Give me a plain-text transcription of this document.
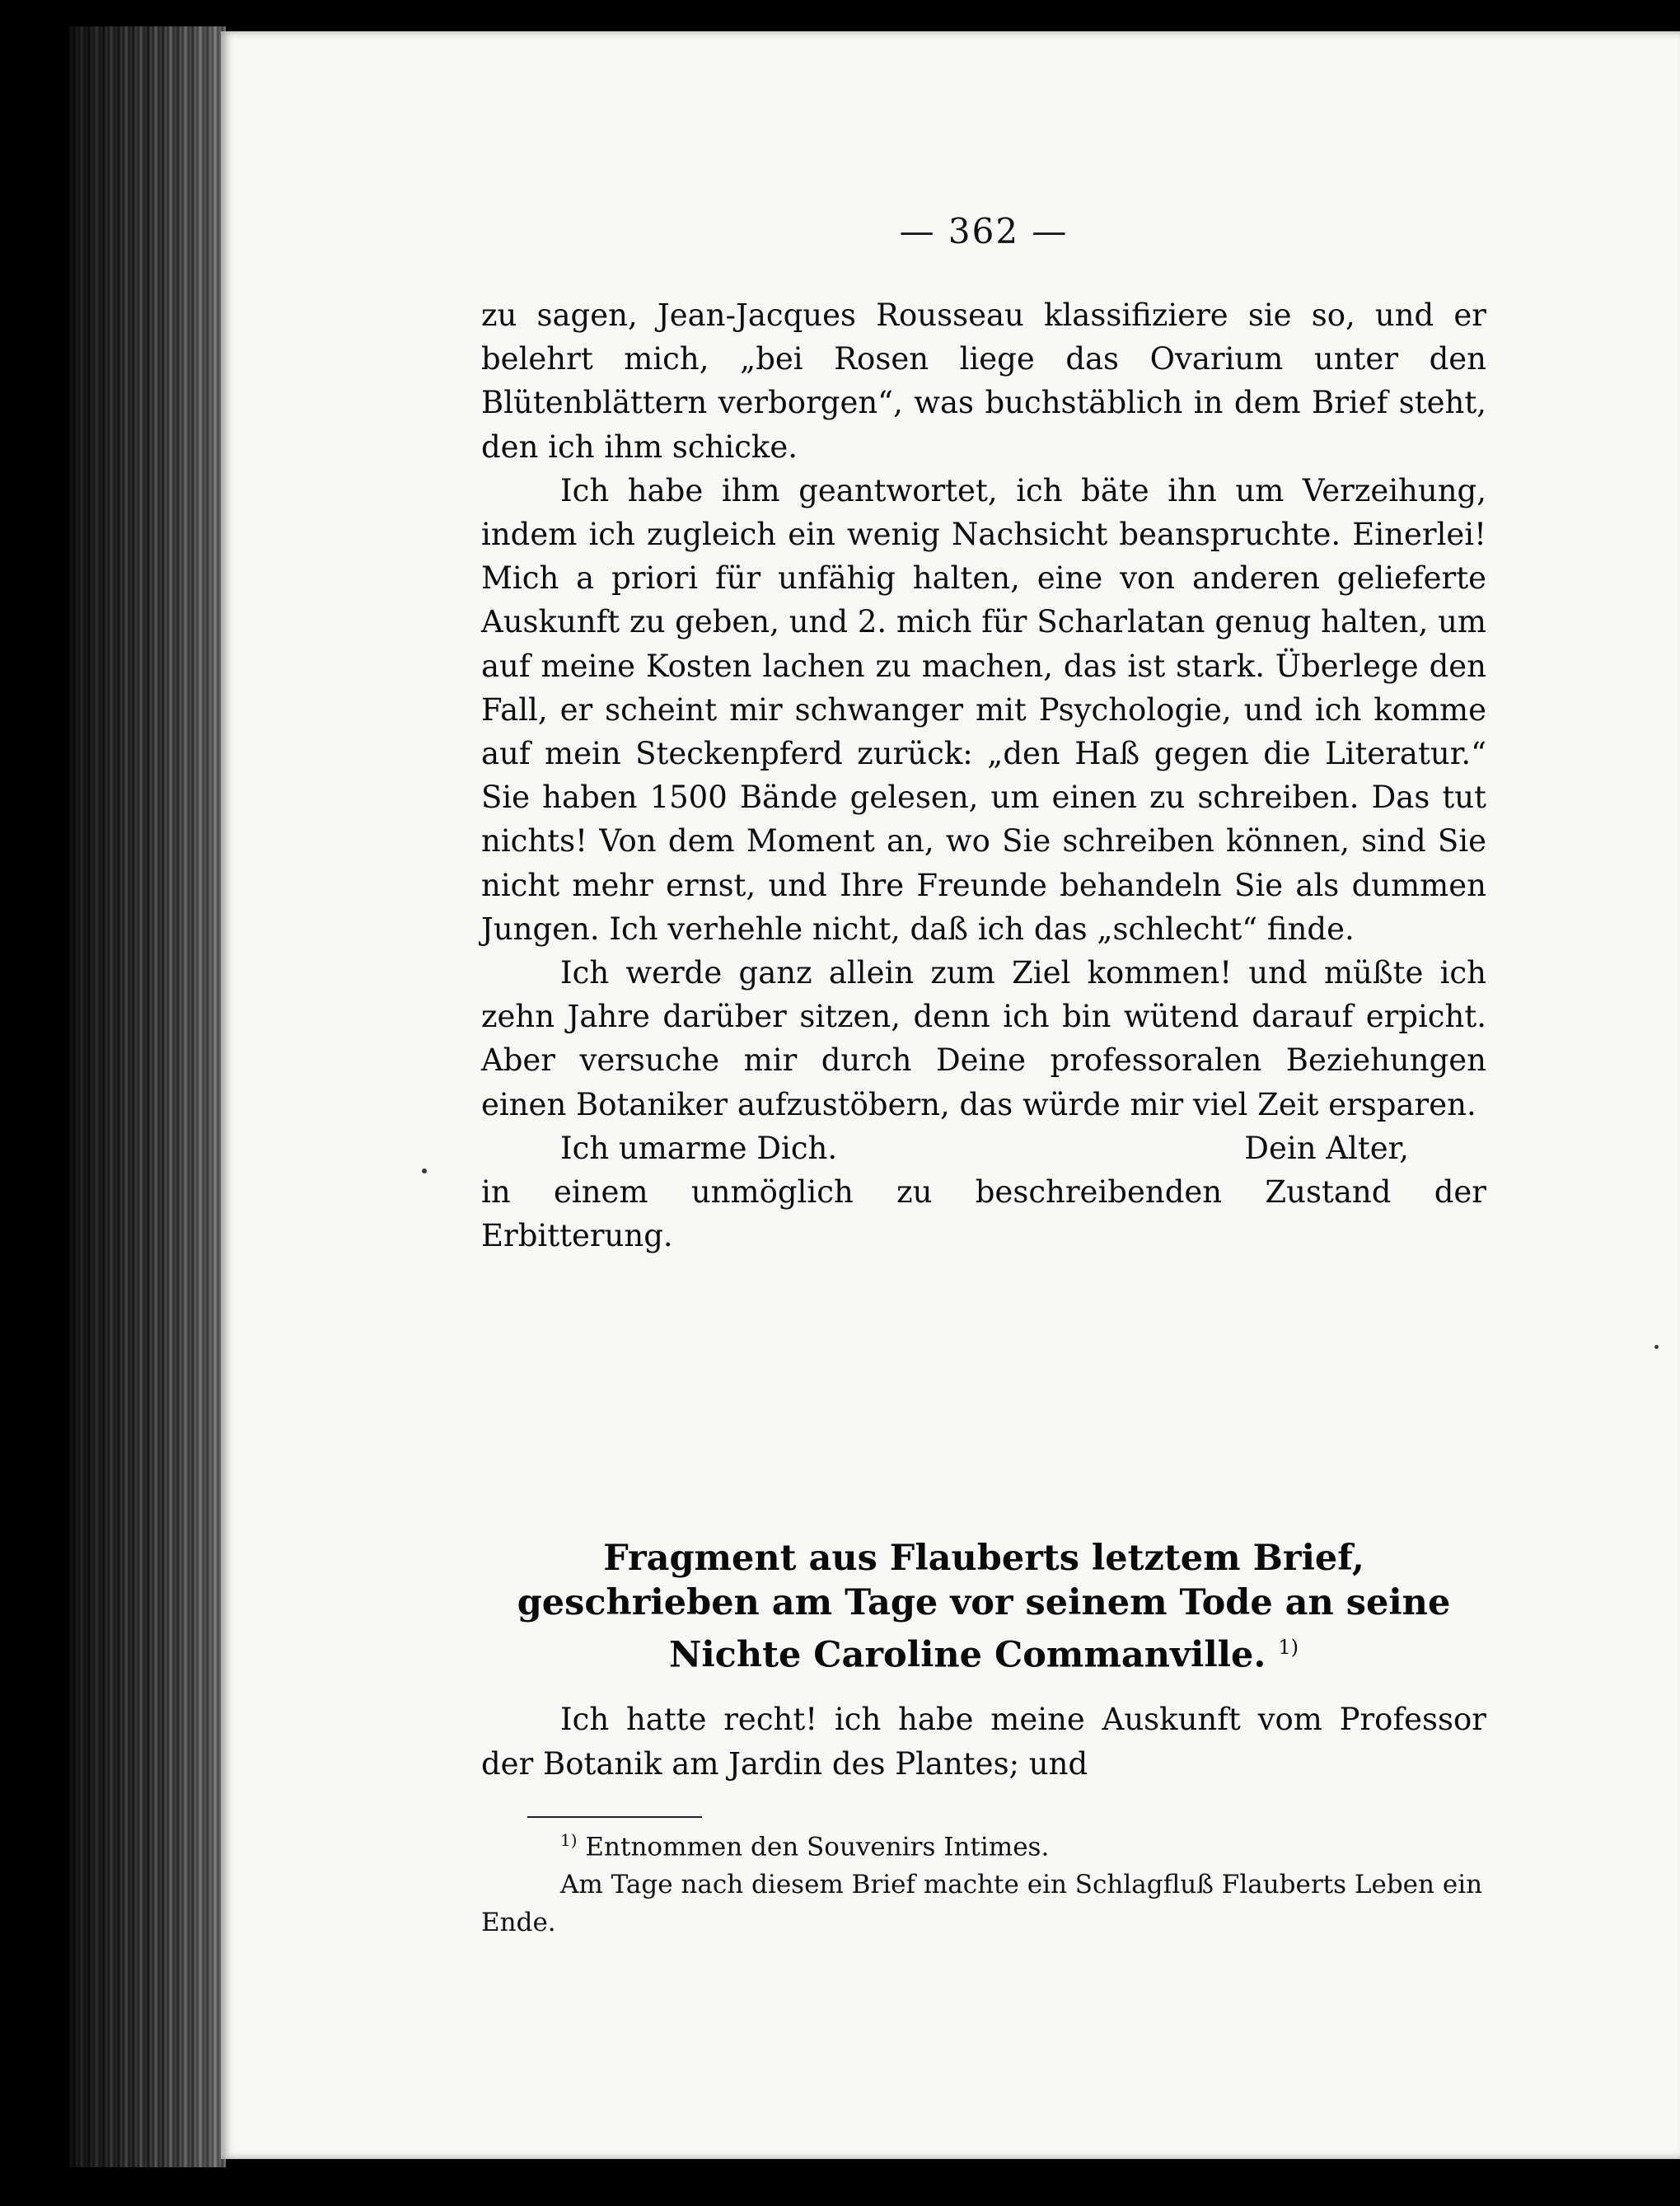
— 362 —

zu sagen, Jean-Jacques Rousseau klassifiziere sie so, und er belehrt mich, „bei Rosen liege das Ovarium unter den Blütenblättern verborgen“, was buchstäblich in dem Brief steht, den ich ihm schicke.

Ich habe ihm geantwortet, ich bäte ihn um Verzeihung, indem ich zugleich ein wenig Nachsicht beanspruchte. Einerlei! Mich a priori für unfähig halten, eine von anderen gelieferte Auskunft zu geben, und 2. mich für Scharlatan genug halten, um auf meine Kosten lachen zu machen, das ist stark. Überlege den Fall, er scheint mir schwanger mit Psychologie, und ich komme auf mein Steckenpferd zurück: „den Haß gegen die Literatur.“ Sie haben 1500 Bände gelesen, um einen zu schreiben. Das tut nichts! Von dem Moment an, wo Sie schreiben können, sind Sie nicht mehr ernst, und Ihre Freunde behandeln Sie als dummen Jungen. Ich verhehle nicht, daß ich das „schlecht“ finde.

Ich werde ganz allein zum Ziel kommen! und müßte ich zehn Jahre darüber sitzen, denn ich bin wütend darauf erpicht. Aber versuche mir durch Deine professoralen Beziehungen einen Botaniker aufzustöbern, das würde mir viel Zeit ersparen.

Ich umarme Dich.	Dein Alter,

in einem unmöglich zu beschreibenden Zustand der Erbitterung.

Fragment aus Flauberts letztem Brief, geschrieben am Tage vor seinem Tode an seine Nichte Caroline Commanville. $^{1)}$

Ich hatte recht! ich habe meine Auskunft vom Professor der Botanik am Jardin des Plantes; und

$^{1)}$ Entnommen den Souvenirs Intimes.

Am Tage nach diesem Brief machte ein Schlagfluß Flauberts Leben ein Ende.
